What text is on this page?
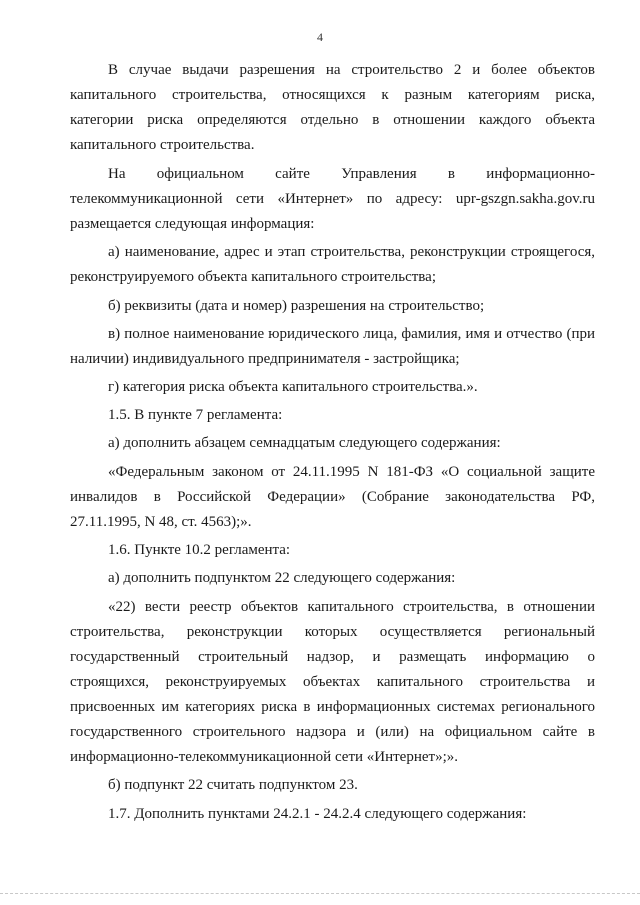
4
В случае выдачи разрешения на строительство 2 и более объектов
капитального строительства, относящихся к разным категориям риска,
категории риска определяются отдельно в отношении каждого объекта
капитального строительства.
На официальном сайте Управления в информационно-
телекоммуникационной сети «Интернет» по адресу: upr-gszgn.sakha.gov.ru
размещается следующая информация:
а) наименование, адрес и этап строительства, реконструкции строящегося,
реконструируемого объекта капитального строительства;
б) реквизиты (дата и номер) разрешения на строительство;
в) полное наименование юридического лица, фамилия, имя и отчество (при
наличии) индивидуального предпринимателя - застройщика;
г) категория риска объекта капитального строительства.».
1.5. В пункте 7 регламента:
а) дополнить абзацем семнадцатым следующего содержания:
«Федеральным законом от 24.11.1995 N 181-ФЗ «О социальной защите
инвалидов в Российской Федерации» (Собрание законодательства РФ,
27.11.1995, N 48, ст. 4563);».
1.6. Пункте 10.2 регламента:
а) дополнить подпунктом 22 следующего содержания:
«22) вести реестр объектов капитального строительства, в отношении
строительства, реконструкции которых осуществляется региональный
государственный строительный надзор, и размещать информацию о
строящихся, реконструируемых объектах капитального строительства и
присвоенных им категориях риска в информационных системах регионального
государственного строительного надзора и (или) на официальном сайте в
информационно-телекоммуникационной сети «Интернет»;».
б) подпункт 22 считать подпунктом 23.
1.7. Дополнить пунктами 24.2.1 - 24.2.4 следующего содержания:
